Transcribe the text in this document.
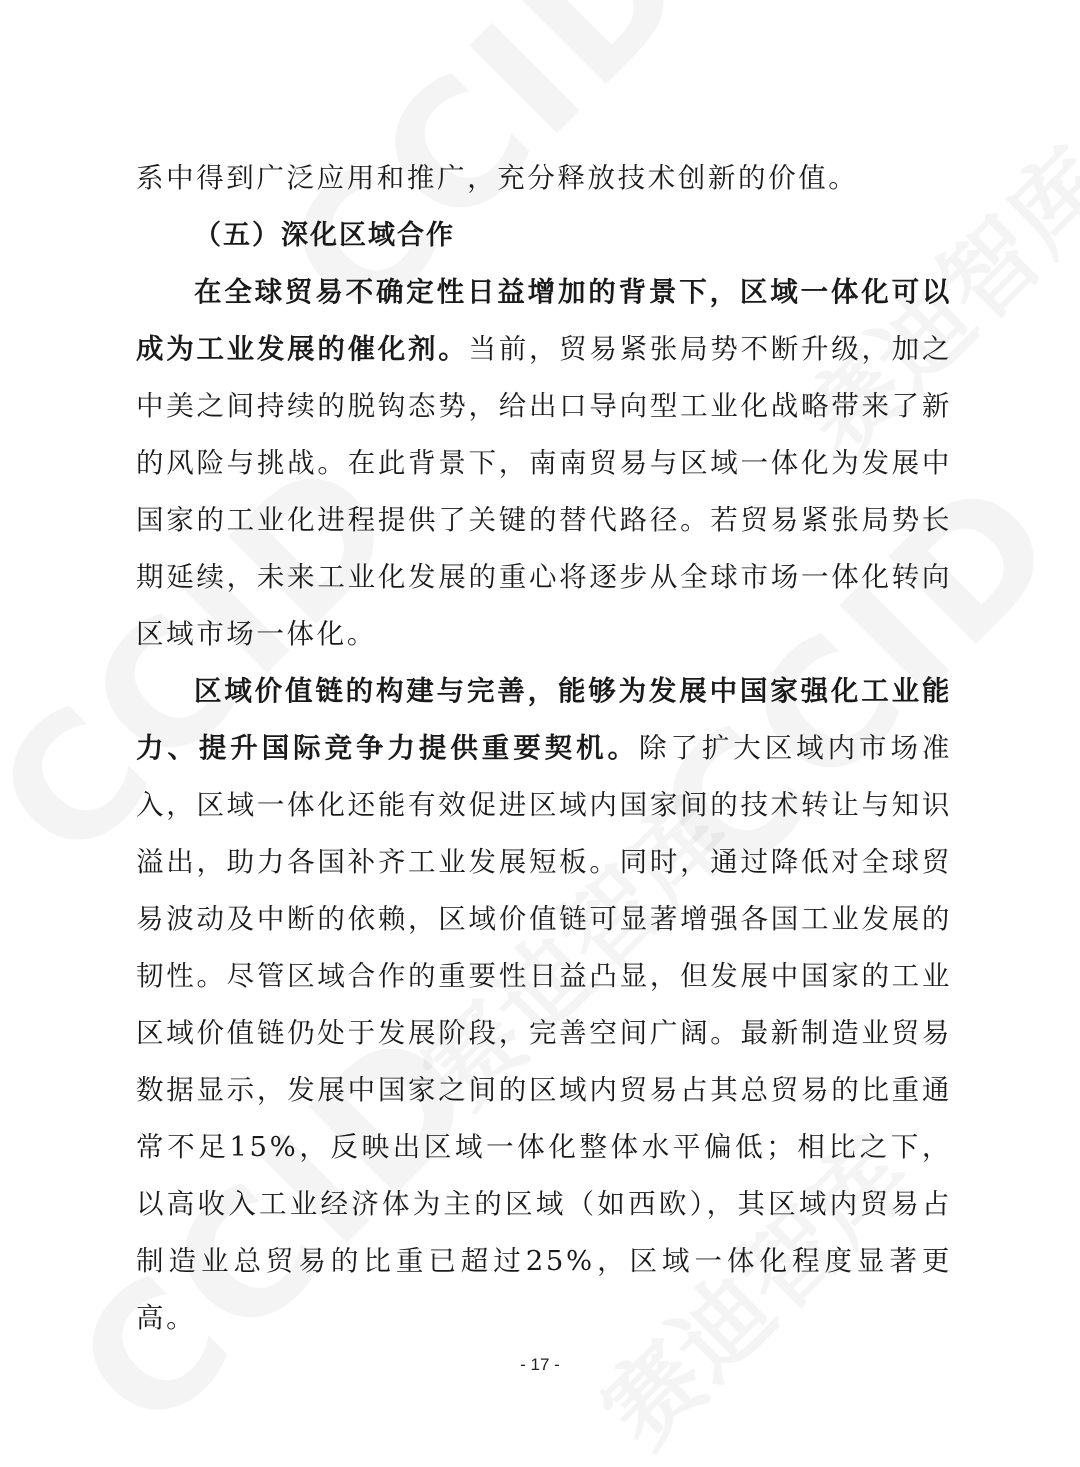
系中得到广泛应用和推广，充分释放技术创新的价值。

（五）深化区域合作

在全球贸易不确定性日益增加的背景下，区域一体化可以成为工业发展的催化剂。当前，贸易紧张局势不断升级，加之中美之间持续的脱钩态势，给出口导向型工业化战略带来了新的风险与挑战。在此背景下，南南贸易与区域一体化为发展中国家的工业化进程提供了关键的替代路径。若贸易紧张局势长期延续，未来工业化发展的重心将逐步从全球市场一体化转向区域市场一体化。

区域价值链的构建与完善，能够为发展中国家强化工业能力、提升国际竞争力提供重要契机。除了扩大区域内市场准入，区域一体化还能有效促进区域内国家间的技术转让与知识溢出，助力各国补齐工业发展短板。同时，通过降低对全球贸易波动及中断的依赖，区域价值链可显著增强各国工业发展的韧性。尽管区域合作的重要性日益凸显，但发展中国家的工业区域价值链仍处于发展阶段，完善空间广阔。最新制造业贸易数据显示，发展中国家之间的区域内贸易占其总贸易的比重通常不足15%，反映出区域一体化整体水平偏低；相比之下，以高收入工业经济体为主的区域（如西欧），其区域内贸易占制造业总贸易的比重已超过25%，区域一体化程度显著更高。

- 17 -
